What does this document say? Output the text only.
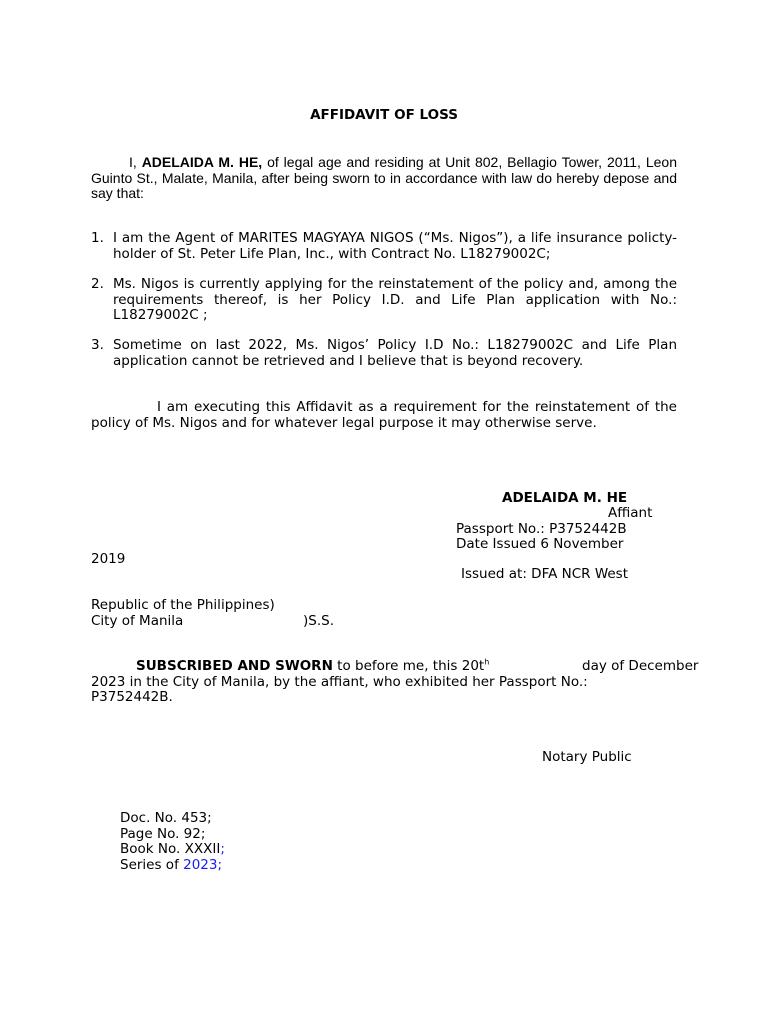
AFFIDAVIT OF LOSS
I, ADELAIDA M. HE, of legal age and residing at Unit 802, Bellagio Tower, 2011, Leon Guinto St., Malate, Manila, after being sworn to in accordance with law do hereby depose and say that:
1. I am the Agent of MARITES MAGYAYA NIGOS (“Ms. Nigos”), a life insurance policty-holder of St. Peter Life Plan, Inc., with Contract No. L18279002C;
2. Ms. Nigos is currently applying for the reinstatement of the policy and, among the requirements thereof, is her Policy I.D. and Life Plan application with No.: L18279002C ;
3. Sometime on last 2022, Ms. Nigos’ Policy I.D No.: L18279002C and Life Plan application cannot be retrieved and I believe that is beyond recovery.
I am executing this Affidavit as a requirement for the reinstatement of the policy of Ms. Nigos and for whatever legal purpose it may otherwise serve.
ADELAIDA M. HE
Affiant
Passport No.: P3752442B
Date Issued 6 November
2019
Issued at: DFA NCR West
Republic of the Philippines)
City of Manila	)S.S.
SUBSCRIBED AND SWORN to before me, this $20t^h$	day of December
2023 in the City of Manila, by the affiant, who exhibited her Passport No.:
P3752442B.
Notary Public
Doc. No. 453;
Page No. 92;
Book No. XXXII;
Series of 2023;
